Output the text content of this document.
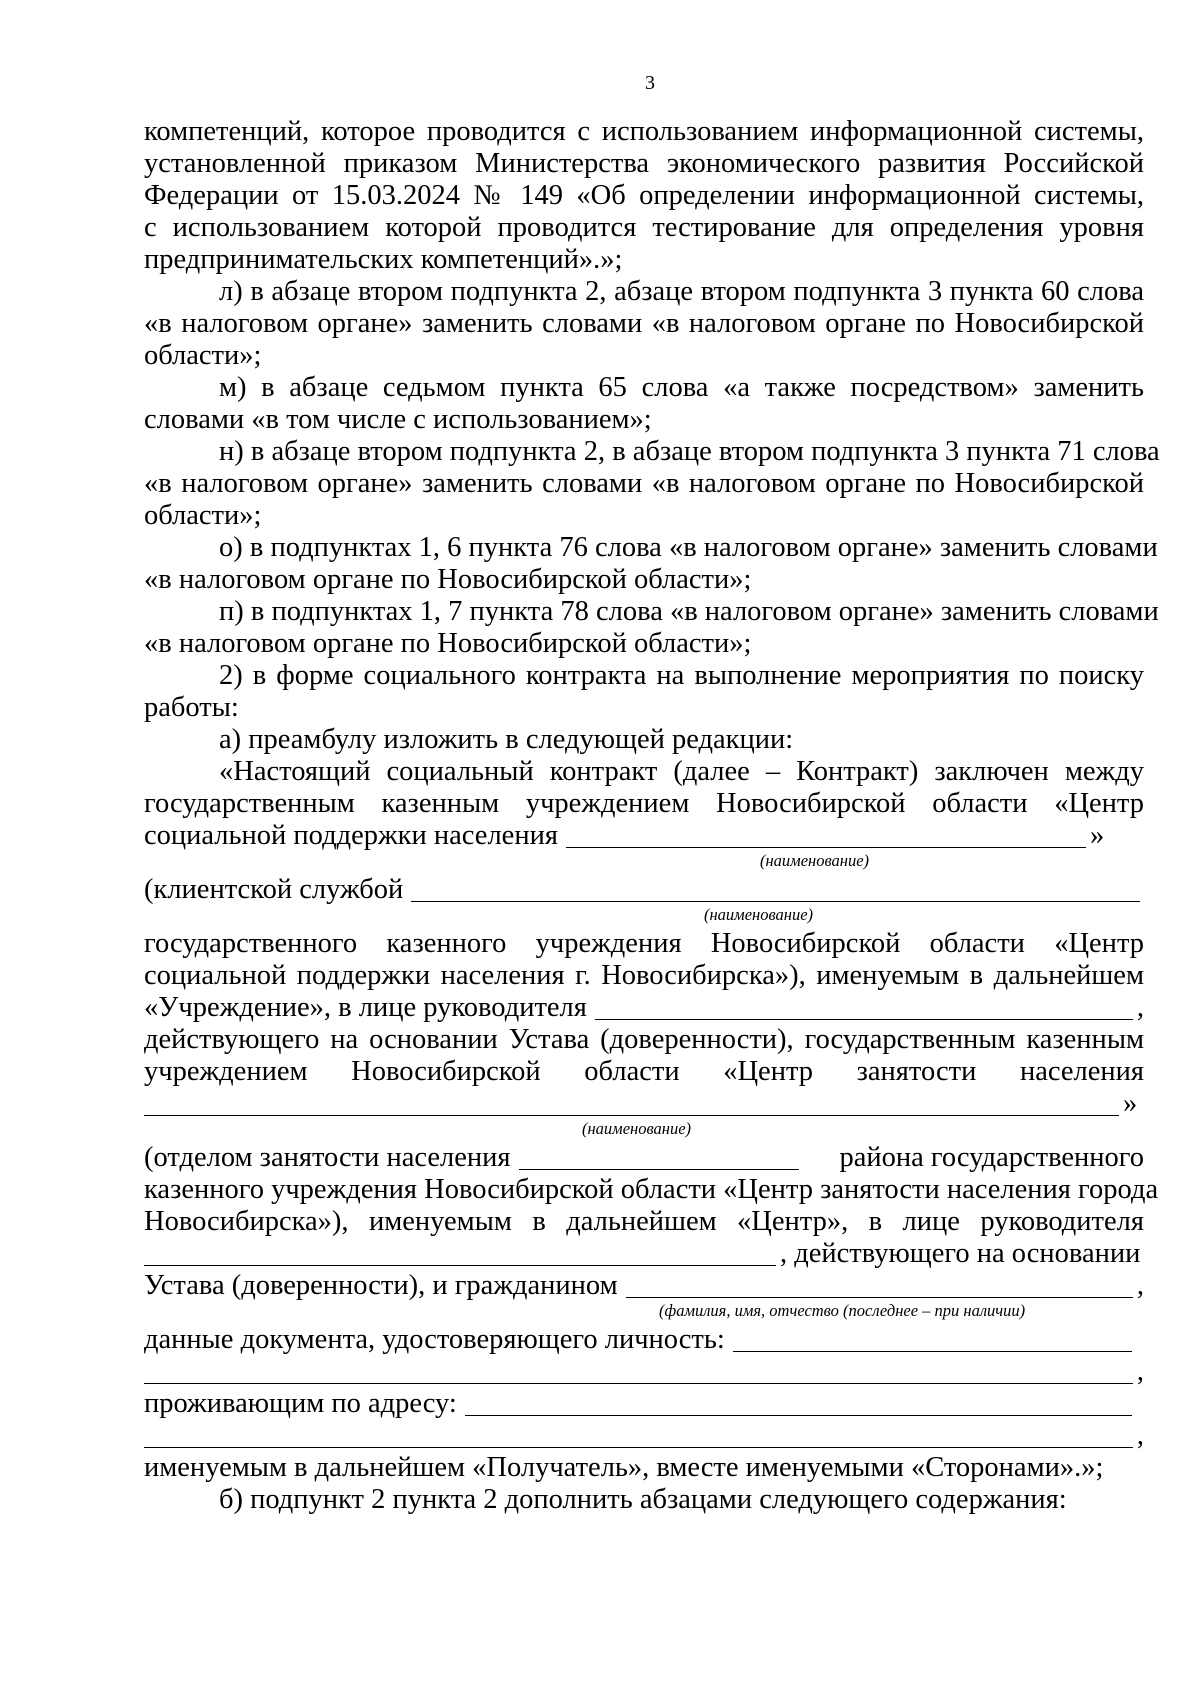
3
компетенций, которое проводится с использованием информационной системы,
установленной приказом Министерства экономического развития Российской
Федерации от 15.03.2024 № 149 «Об определении информационной системы,
с использованием которой проводится тестирование для определения уровня
предпринимательских компетенций».»;
л) в абзаце втором подпункта 2, абзаце втором подпункта 3 пункта 60 слова
«в налоговом органе» заменить словами «в налоговом органе по Новосибирской
области»;
м) в абзаце седьмом пункта 65 слова «а также посредством» заменить
словами «в том числе с использованием»;
н) в абзаце втором подпункта 2, в абзаце втором подпункта 3 пункта 71 слова
«в налоговом органе» заменить словами «в налоговом органе по Новосибирской
области»;
о) в подпунктах 1, 6 пункта 76 слова «в налоговом органе» заменить словами
«в налоговом органе по Новосибирской области»;
п) в подпунктах 1, 7 пункта 78 слова «в налоговом органе» заменить словами
«в налоговом органе по Новосибирской области»;
2) в форме социального контракта на выполнение мероприятия по поиску
работы:
а) преамбулу изложить в следующей редакции:
«Настоящий социальный контракт (далее – Контракт) заключен между
государственным казенным учреждением Новосибирской области «Центр
социальной поддержки населения	»
(наименование)
(клиентской службой
(наименование)
государственного казенного учреждения Новосибирской области «Центр
социальной поддержки населения г. Новосибирска»), именуемым в дальнейшем
«Учреждение», в лице руководителя	,
действующего на основании Устава (доверенности), государственным казенным
учреждением Новосибирской области «Центр занятости населения
»
(наименование)
(отделом занятости населения	района государственного
казенного учреждения Новосибирской области «Центр занятости населения города
Новосибирска»), именуемым в дальнейшем «Центр», в лице руководителя
, действующего на основании
Устава (доверенности), и гражданином	,
(фамилия, имя, отчество (последнее – при наличии)
данные документа, удостоверяющего личность:
,
проживающим по адресу:
,
именуемым в дальнейшем «Получатель», вместе именуемыми «Сторонами».»;
б) подпункт 2 пункта 2 дополнить абзацами следующего содержания:
